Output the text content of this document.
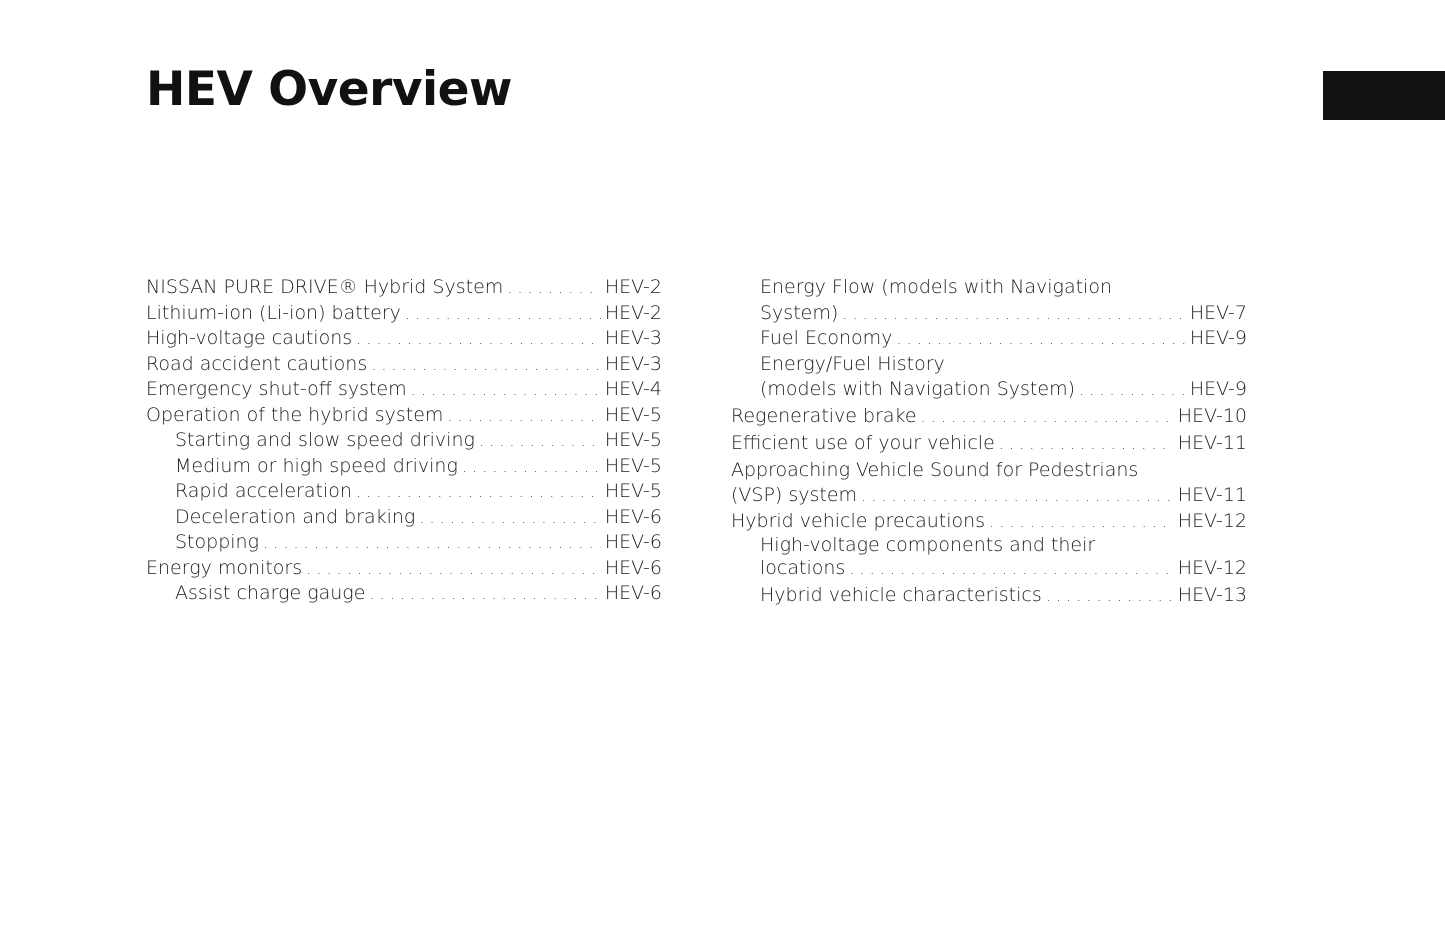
HEV Overview
NISSAN PURE DRIVE® Hybrid System . . .	HEV-2
Lithium-ion (Li-ion) battery . . .	HEV-2
High-voltage cautions . . .	HEV-3
Road accident cautions . . .	HEV-3
Emergency shut-off system . . .	HEV-4
Operation of the hybrid system . . .	HEV-5
Starting and slow speed driving . . .	HEV-5
Medium or high speed driving . . .	HEV-5
Rapid acceleration . . .	HEV-5
Deceleration and braking . . .	HEV-6
Stopping . . .	HEV-6
Energy monitors . . .	HEV-6
Assist charge gauge . . .	HEV-6
Energy Flow (models with Navigation
System) . . .	HEV-7
Fuel Economy . . .	HEV-9
Energy/Fuel History
(models with Navigation System) . . .	HEV-9
Regenerative brake . . .	HEV-10
Efficient use of your vehicle . . .	HEV-11
Approaching Vehicle Sound for Pedestrians
(VSP) system . . .	HEV-11
Hybrid vehicle precautions . . .	HEV-12
High-voltage components and their
locations . . .	HEV-12
Hybrid vehicle characteristics . . .	HEV-13
